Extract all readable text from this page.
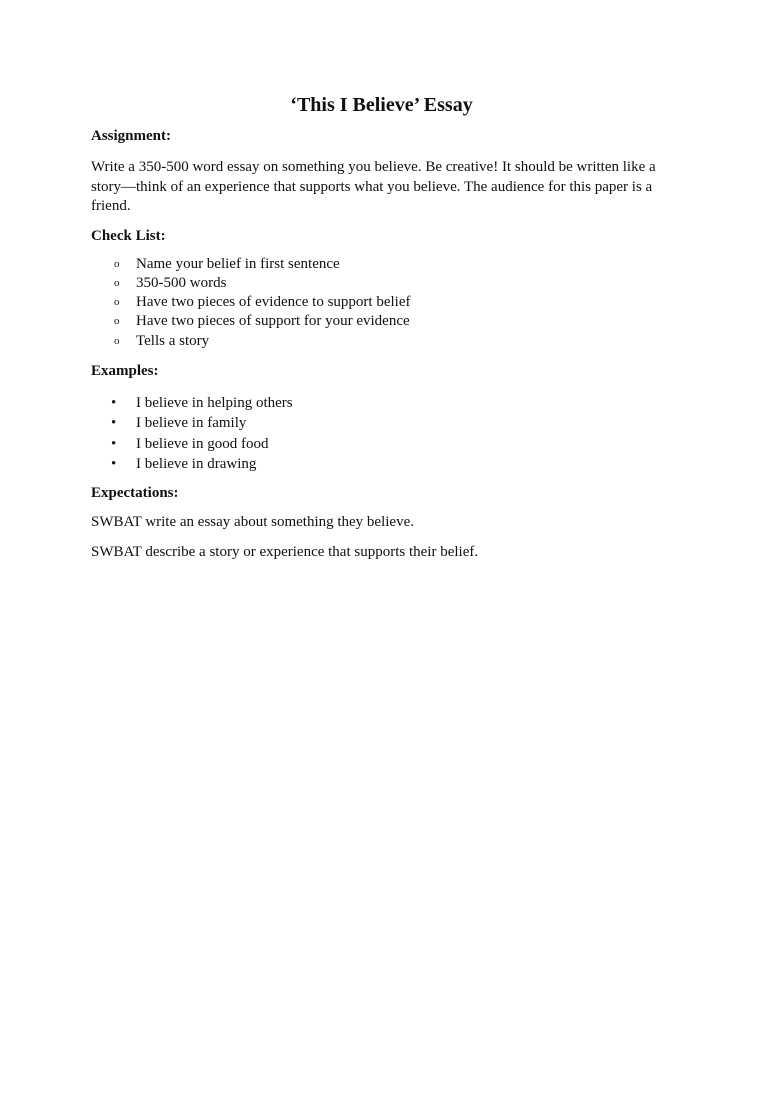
‘This I Believe’ Essay

Assignment:

Write a 350-500 word essay on something you believe. Be creative! It should be written like a story—think of an experience that supports what you believe. The audience for this paper is a friend.

Check List:

o Name your belief in first sentence
o 350-500 words
o Have two pieces of evidence to support belief
o Have two pieces of support for your evidence
o Tells a story

Examples:

• I believe in helping others
• I believe in family
• I believe in good food
• I believe in drawing

Expectations:

SWBAT write an essay about something they believe.

SWBAT describe a story or experience that supports their belief.
